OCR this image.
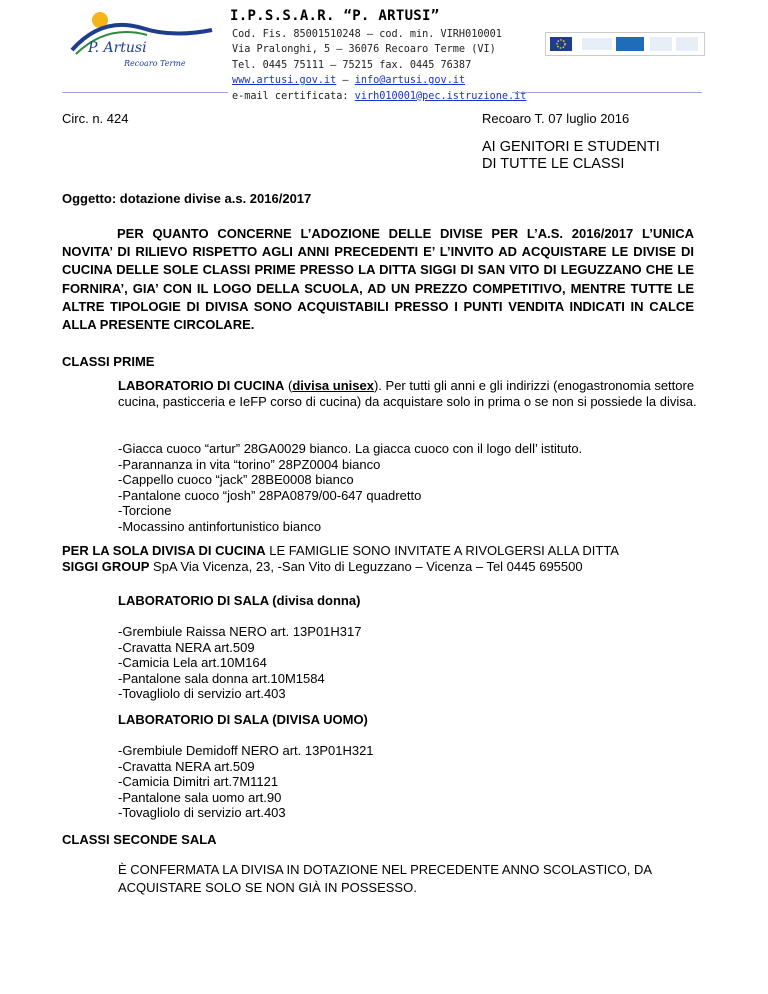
P. Artusi
Recoaro Terme
I.P.S.S.A.R. “P. ARTUSI”
Cod. Fis. 85001510248 – cod. min. VIRH010001
Via Pralonghi, 5 – 36076 Recoaro Terme (VI)
Tel. 0445 75111 – 75215 fax. 0445 76387
www.artusi.gov.it – info@artusi.gov.it
e-mail certificata: virh010001@pec.istruzione.it
Circ. n. 424	Recoaro T. 07 luglio 2016
AI GENITORI E STUDENTI
DI TUTTE LE CLASSI
Oggetto: dotazione divise a.s. 2016/2017
PER QUANTO CONCERNE L’ADOZIONE DELLE DIVISE PER L’A.S. 2016/2017 L’UNICA NOVITA’ DI RILIEVO RISPETTO AGLI ANNI PRECEDENTI E’ L’INVITO AD ACQUISTARE LE DIVISE DI CUCINA DELLE SOLE CLASSI PRIME PRESSO LA DITTA SIGGI DI SAN VITO DI LEGUZZANO CHE LE FORNIRA’, GIA’ CON IL LOGO DELLA SCUOLA, AD UN PREZZO COMPETITIVO, MENTRE TUTTE LE ALTRE TIPOLOGIE DI DIVISA SONO ACQUISTABILI PRESSO I PUNTI VENDITA INDICATI IN CALCE ALLA PRESENTE CIRCOLARE.
CLASSI PRIME
LABORATORIO DI CUCINA (divisa unisex). Per tutti gli anni e gli indirizzi (enogastronomia settore cucina, pasticceria e IeFP corso di cucina) da acquistare solo in prima o se non si possiede la divisa.
-Giacca cuoco “artur” 28GA0029 bianco. La giacca cuoco con il logo dell’ istituto.
-Parannanza in vita “torino” 28PZ0004 bianco
-Cappello cuoco “jack” 28BE0008 bianco
-Pantalone cuoco “josh” 28PA0879/00-647 quadretto
-Torcione
-Mocassino antinfortunistico bianco
PER LA SOLA DIVISA DI CUCINA LE FAMIGLIE SONO INVITATE A RIVOLGERSI ALLA DITTA
SIGGI GROUP SpA Via Vicenza, 23, -San Vito di Leguzzano – Vicenza – Tel 0445 695500
LABORATORIO DI SALA (divisa donna)
-Grembiule Raissa NERO art. 13P01H317
-Cravatta NERA art.509
-Camicia Lela art.10M164
-Pantalone sala donna art.10M1584
-Tovagliolo di servizio art.403
LABORATORIO DI SALA (DIVISA UOMO)
-Grembiule Demidoff NERO art. 13P01H321
-Cravatta NERA art.509
-Camicia Dimitri art.7M1121
-Pantalone sala uomo art.90
-Tovagliolo di servizio art.403
CLASSI SECONDE SALA
È CONFERMATA LA DIVISA IN DOTAZIONE NEL PRECEDENTE ANNO SCOLASTICO, DA ACQUISTARE SOLO SE NON GIÀ IN POSSESSO.
